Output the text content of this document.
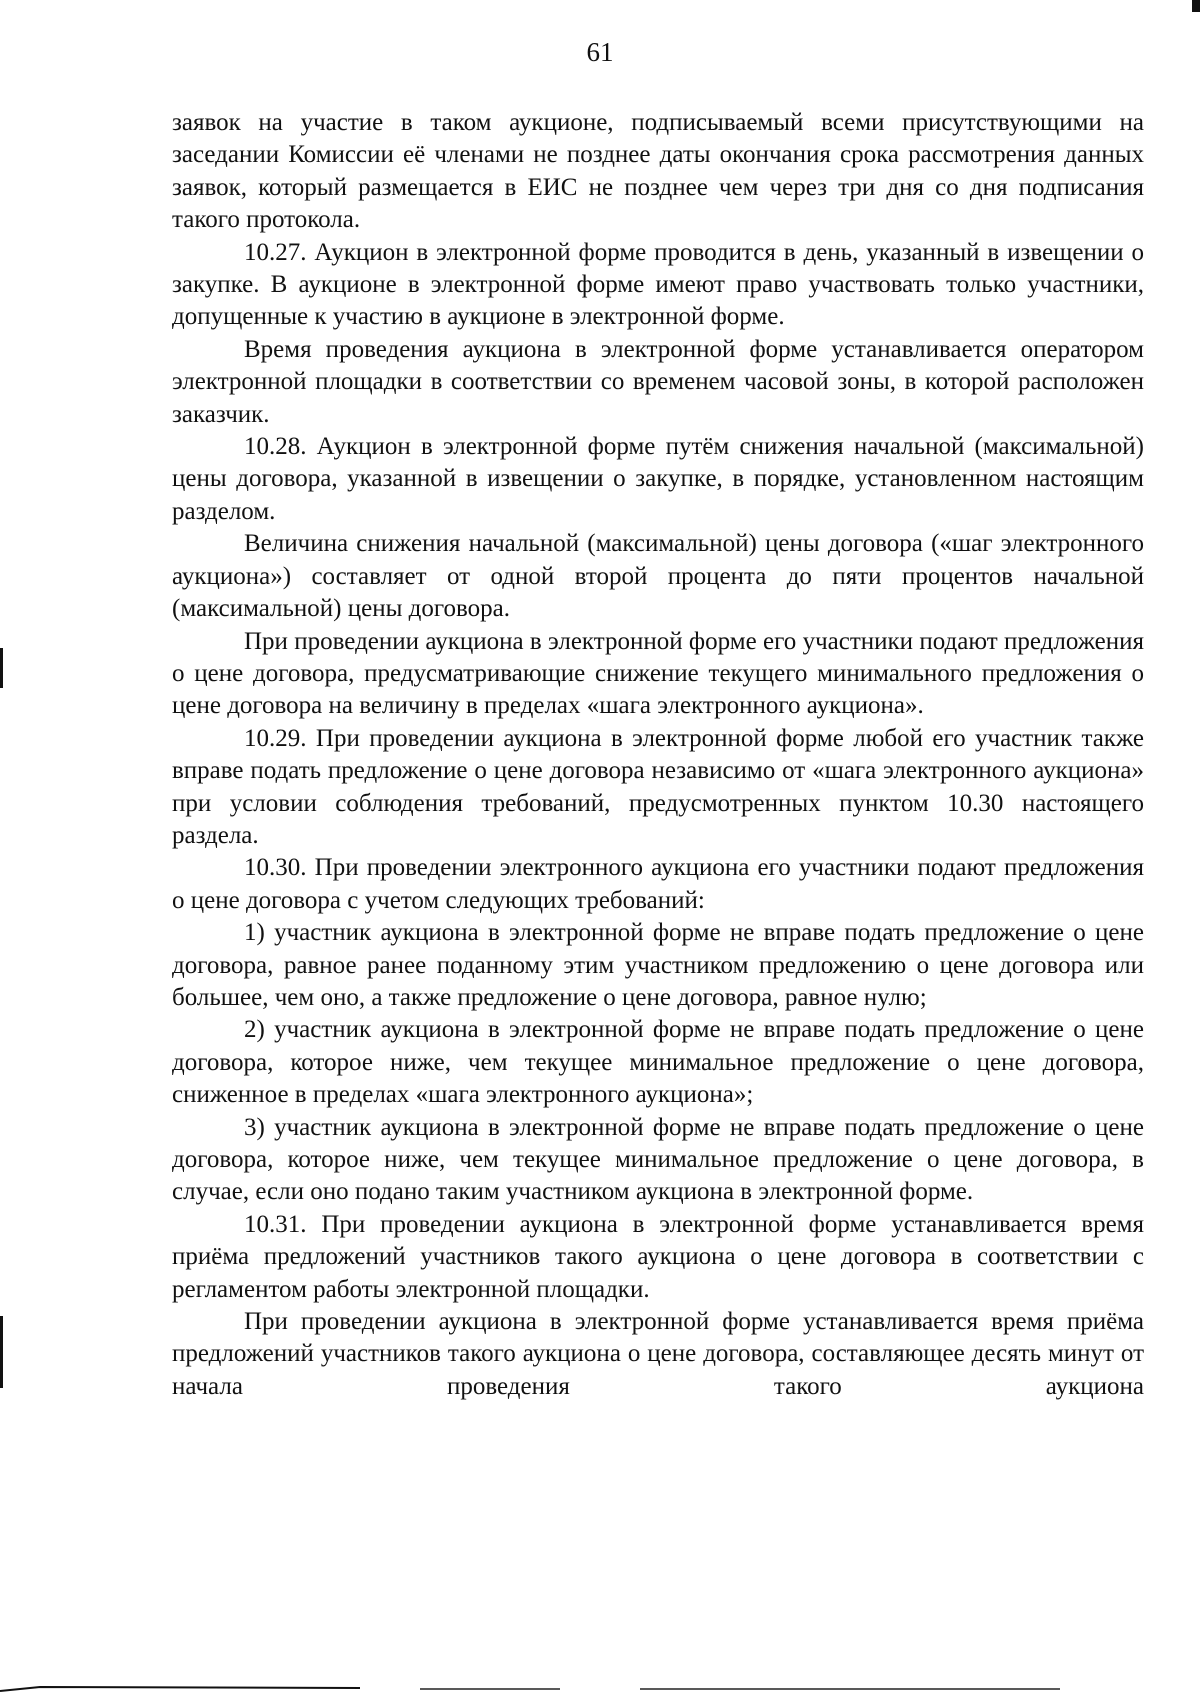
61

заявок на участие в таком аукционе, подписываемый всеми присутствующими на заседании Комиссии её членами не позднее даты окончания срока рассмотрения данных заявок, который размещается в ЕИС не позднее чем через три дня со дня подписания такого протокола.

10.27. Аукцион в электронной форме проводится в день, указанный в извещении о закупке. В аукционе в электронной форме имеют право участвовать только участники, допущенные к участию в аукционе в электронной форме.

Время проведения аукциона в электронной форме устанавливается оператором электронной площадки в соответствии со временем часовой зоны, в которой расположен заказчик.

10.28. Аукцион в электронной форме путём снижения начальной (максимальной) цены договора, указанной в извещении о закупке, в порядке, установленном настоящим разделом.

Величина снижения начальной (максимальной) цены договора («шаг электронного аукциона») составляет от одной второй процента до пяти процентов начальной (максимальной) цены договора.

При проведении аукциона в электронной форме его участники подают предложения о цене договора, предусматривающие снижение текущего минимального предложения о цене договора на величину в пределах «шага электронного аукциона».

10.29. При проведении аукциона в электронной форме любой его участник также вправе подать предложение о цене договора независимо от «шага электронного аукциона» при условии соблюдения требований, предусмотренных пунктом 10.30 настоящего раздела.

10.30. При проведении электронного аукциона его участники подают предложения о цене договора с учетом следующих требований:

1) участник аукциона в электронной форме не вправе подать предложение о цене договора, равное ранее поданному этим участником предложению о цене договора или большее, чем оно, а также предложение о цене договора, равное нулю;

2) участник аукциона в электронной форме не вправе подать предложение о цене договора, которое ниже, чем текущее минимальное предложение о цене договора, сниженное в пределах «шага электронного аукциона»;

3) участник аукциона в электронной форме не вправе подать предложение о цене договора, которое ниже, чем текущее минимальное предложение о цене договора, в случае, если оно подано таким участником аукциона в электронной форме.

10.31. При проведении аукциона в электронной форме устанавливается время приёма предложений участников такого аукциона о цене договора в соответствии с регламентом работы электронной площадки.

При проведении аукциона в электронной форме устанавливается время приёма предложений участников такого аукциона о цене договора, составляющее десять минут от начала проведения такого аукциона
